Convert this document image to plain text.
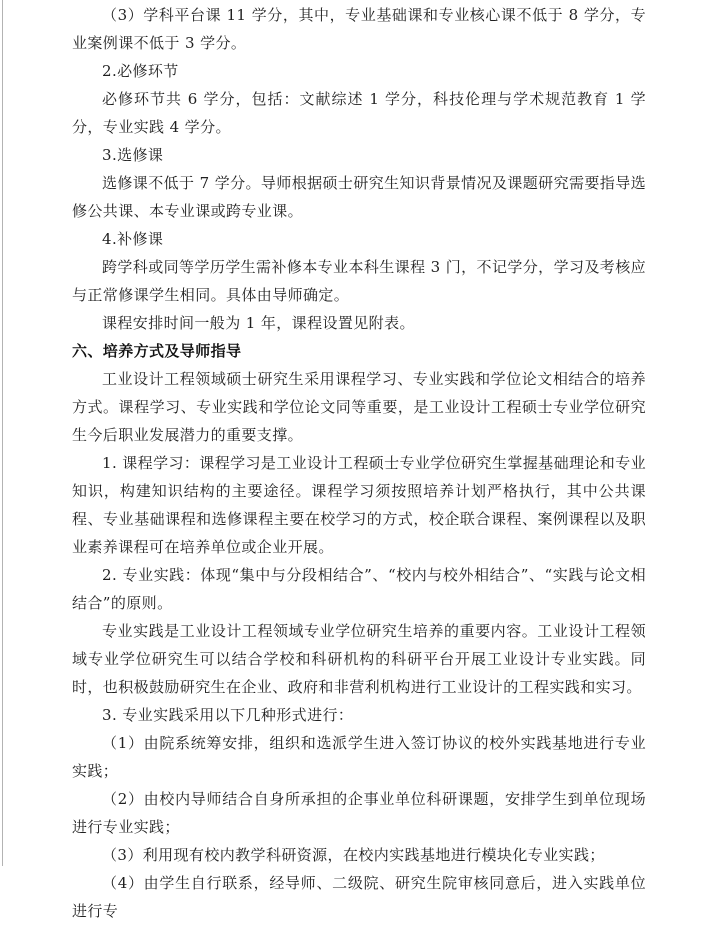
（3）学科平台课 11 学分，其中，专业基础课和专业核心课不低于 8 学分，专业案例课不低于 3 学分。

2.必修环节

必修环节共 6 学分，包括：文献综述 1 学分，科技伦理与学术规范教育 1 学分，专业实践 4 学分。

3.选修课

选修课不低于 7 学分。导师根据硕士研究生知识背景情况及课题研究需要指导选修公共课、本专业课或跨专业课。

4.补修课

跨学科或同等学历学生需补修本专业本科生课程 3 门，不记学分，学习及考核应与正常修课学生相同。具体由导师确定。

课程安排时间一般为 1 年，课程设置见附表。

六、培养方式及导师指导

工业设计工程领域硕士研究生采用课程学习、专业实践和学位论文相结合的培养方式。课程学习、专业实践和学位论文同等重要，是工业设计工程硕士专业学位研究生今后职业发展潜力的重要支撑。

1. 课程学习：课程学习是工业设计工程硕士专业学位研究生掌握基础理论和专业知识，构建知识结构的主要途径。课程学习须按照培养计划严格执行，其中公共课程、专业基础课程和选修课程主要在校学习的方式，校企联合课程、案例课程以及职业素养课程可在培养单位或企业开展。

2. 专业实践：体现“集中与分段相结合”、“校内与校外相结合”、“实践与论文相结合”的原则。

专业实践是工业设计工程领域专业学位研究生培养的重要内容。工业设计工程领域专业学位研究生可以结合学校和科研机构的科研平台开展工业设计专业实践。同时，也积极鼓励研究生在企业、政府和非营利机构进行工业设计的工程实践和实习。

3. 专业实践采用以下几种形式进行：

（1）由院系统筹安排，组织和选派学生进入签订协议的校外实践基地进行专业实践；

（2）由校内导师结合自身所承担的企事业单位科研课题，安排学生到单位现场进行专业实践；

（3）利用现有校内教学科研资源，在校内实践基地进行模块化专业实践；

（4）由学生自行联系，经导师、二级院、研究生院审核同意后，进入实践单位进行专
